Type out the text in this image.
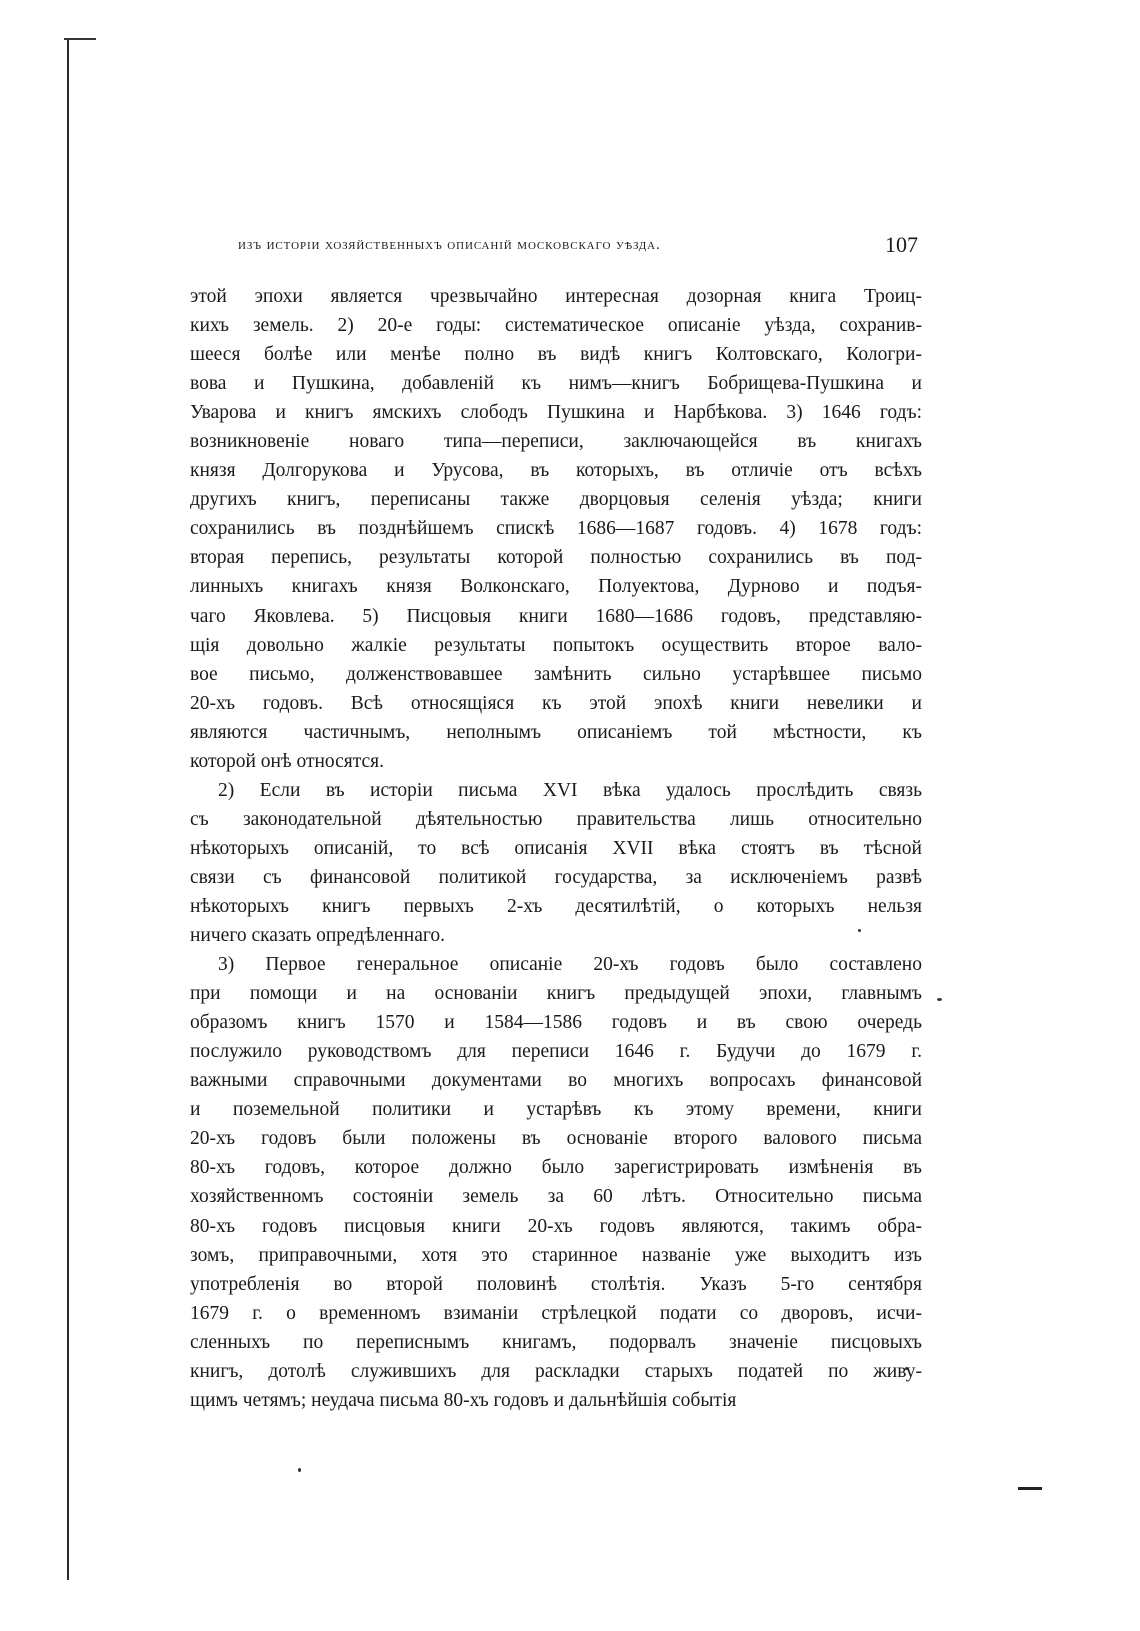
изъ исторіи хозяйственныхъ описаній московскаго уѣзда.	107
этой эпохи является чрезвычайно интересная дозорная книга Троиц-
кихъ земель. 2) 20-е годы: систематическое описаніе уѣзда, сохранив-
шееся болѣе или менѣе полно въ видѣ книгъ Колтовскаго, Кологри-
вова и Пушкина, добавленій къ нимъ—книгъ Бобрищева-Пушкина и
Уварова и книгъ ямскихъ слободъ Пушкина и Нарбѣкова. 3) 1646 годъ:
возникновеніе новаго типа—переписи, заключающейся въ книгахъ
князя Долгорукова и Урусова, въ которыхъ, въ отличіе отъ всѣхъ
другихъ книгъ, переписаны также дворцовыя селенія уѣзда; книги
сохранились въ позднѣйшемъ спискѣ 1686—1687 годовъ. 4) 1678 годъ:
вторая перепись, результаты которой полностью сохранились въ под-
линныхъ книгахъ князя Волконскаго, Полуектова, Дурново и подъя-
чаго Яковлева. 5) Писцовыя книги 1680—1686 годовъ, представляю-
щія довольно жалкіе результаты попытокъ осуществить второе вало-
вое письмо, долженствовавшее замѣнить сильно устарѣвшее письмо
20-хъ годовъ. Всѣ относящіяся къ этой эпохѣ книги невелики и
являются частичнымъ, неполнымъ описаніемъ той мѣстности, къ
которой онѣ относятся.
2) Если въ исторіи письма XVI вѣка удалось прослѣдить связь
съ законодательной дѣятельностью правительства лишь относительно
нѣкоторыхъ описаній, то всѣ описанія XVII вѣка стоятъ въ тѣсной
связи съ финансовой политикой государства, за исключеніемъ развѣ
нѣкоторыхъ книгъ первыхъ 2-хъ десятилѣтій, о которыхъ нельзя
ничего сказать опредѣленнаго.
3) Первое генеральное описаніе 20-хъ годовъ было составлено
при помощи и на основаніи книгъ предыдущей эпохи, главнымъ
образомъ книгъ 1570 и 1584—1586 годовъ и въ свою очередь
послужило руководствомъ для переписи 1646 г. Будучи до 1679 г.
важными справочными документами во многихъ вопросахъ финансовой
и поземельной политики и устарѣвъ къ этому времени, книги
20-хъ годовъ были положены въ основаніе второго валового письма
80-хъ годовъ, которое должно было зарегистрировать измѣненія въ
хозяйственномъ состояніи земель за 60 лѣтъ. Относительно письма
80-хъ годовъ писцовыя книги 20-хъ годовъ являются, такимъ обра-
зомъ, приправочными, хотя это старинное названіе уже выходитъ изъ
употребленія во второй половинѣ столѣтія. Указъ 5-го сентября
1679 г. о временномъ взиманіи стрѣлецкой подати со дворовъ, исчи-
сленныхъ по переписнымъ книгамъ, подорвалъ значеніе писцовыхъ
книгъ, дотолѣ служившихъ для раскладки старыхъ податей по живу-
щимъ четямъ; неудача письма 80-хъ годовъ и дальнѣйшія событія
